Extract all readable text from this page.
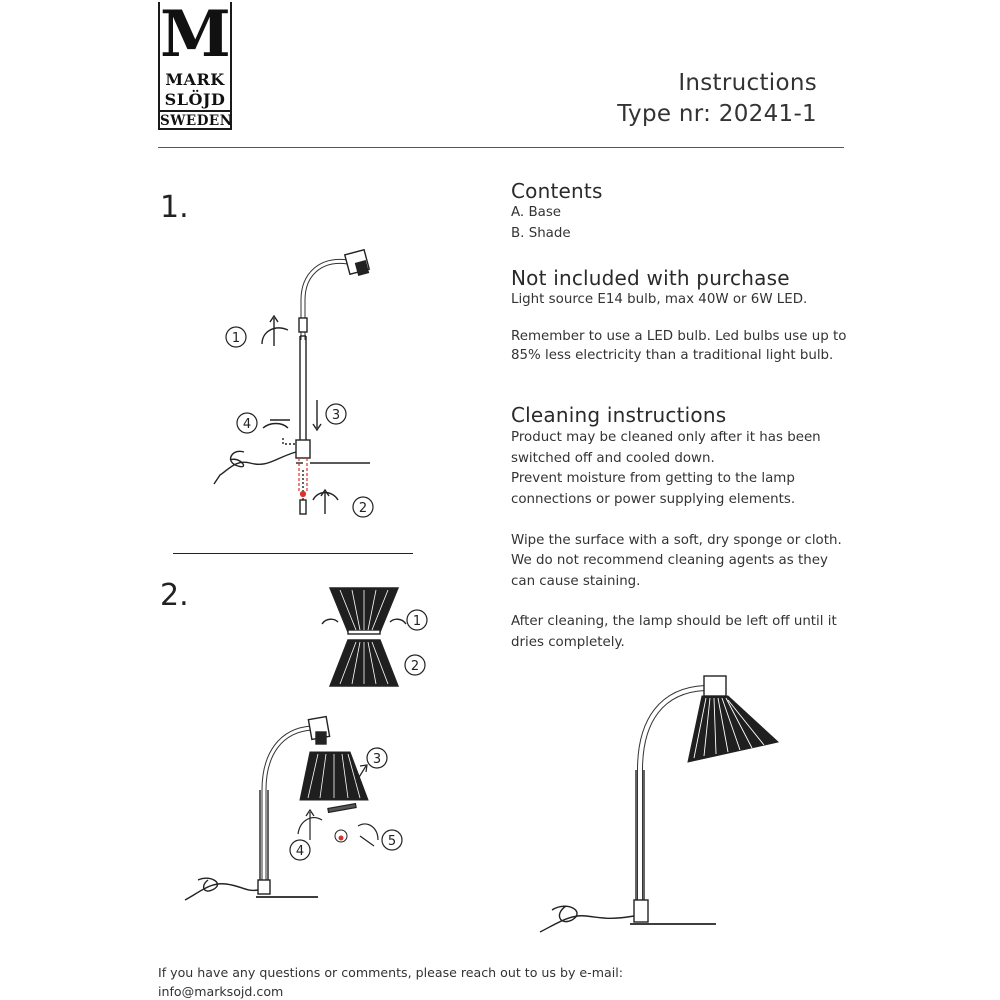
M
MARK
SLÖJD
SWEDEN
Instructions
Type nr: 20241-1
1.
2.
1
3
4
2
1
2
3
4
5
Contents
A. Base
B. Shade
Not included with purchase
Light source E14 bulb, max 40W or 6W LED.
Remember to use a LED bulb. Led bulbs use up to
85% less electricity than a traditional light bulb.
Cleaning instructions
Product may be cleaned only after it has been
switched off and cooled down.
Prevent moisture from getting to the lamp
connections or power supplying elements.
Wipe the surface with a soft, dry sponge or cloth.
We do not recommend cleaning agents as they
can cause staining.
After cleaning, the lamp should be left off until it
dries completely.
If you have any questions or comments, please reach out to us by e-mail:
info@marksojd.com
